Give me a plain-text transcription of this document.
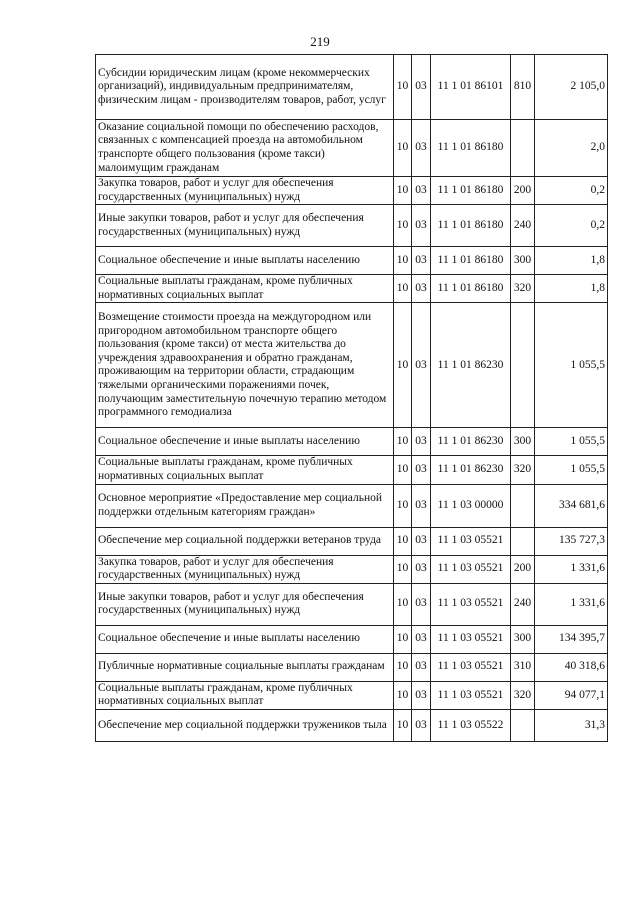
219
Субсидии юридическим лицам (кроме некоммерческих организаций), индивидуальным предпринимателям, физическим лицам - производителям товаров, работ, услуг	10	03	11 1 01 86101	810	2 105,0
Оказание социальной помощи по обеспечению расходов, связанных с компенсацией проезда на автомобильном транспорте общего пользования (кроме такси) малоимущим гражданам	10	03	11 1 01 86180		2,0
Закупка товаров, работ и услуг для обеспечения государственных (муниципальных) нужд	10	03	11 1 01 86180	200	0,2
Иные закупки товаров, работ и услуг для обеспечения государственных (муниципальных) нужд	10	03	11 1 01 86180	240	0,2
Социальное обеспечение и иные выплаты населению	10	03	11 1 01 86180	300	1,8
Социальные выплаты гражданам, кроме публичных нормативных социальных выплат	10	03	11 1 01 86180	320	1,8
Возмещение стоимости проезда на междугородном или пригородном автомобильном транспорте общего пользования (кроме такси) от места жительства до учреждения здравоохранения и обратно гражданам, проживающим на территории области, страдающим тяжелыми органическими поражениями почек, получающим заместительную почечную терапию методом программного гемодиализа	10	03	11 1 01 86230		1 055,5
Социальное обеспечение и иные выплаты населению	10	03	11 1 01 86230	300	1 055,5
Социальные выплаты гражданам, кроме публичных нормативных социальных выплат	10	03	11 1 01 86230	320	1 055,5
Основное мероприятие «Предоставление мер социальной поддержки отдельным категориям граждан»	10	03	11 1 03 00000		334 681,6
Обеспечение мер социальной поддержки ветеранов труда	10	03	11 1 03 05521		135 727,3
Закупка товаров, работ и услуг для обеспечения государственных (муниципальных) нужд	10	03	11 1 03 05521	200	1 331,6
Иные закупки товаров, работ и услуг для обеспечения государственных (муниципальных) нужд	10	03	11 1 03 05521	240	1 331,6
Социальное обеспечение и иные выплаты населению	10	03	11 1 03 05521	300	134 395,7
Публичные нормативные социальные выплаты гражданам	10	03	11 1 03 05521	310	40 318,6
Социальные выплаты гражданам, кроме публичных нормативных социальных выплат	10	03	11 1 03 05521	320	94 077,1
Обеспечение мер социальной поддержки тружеников тыла	10	03	11 1 03 05522		31,3
